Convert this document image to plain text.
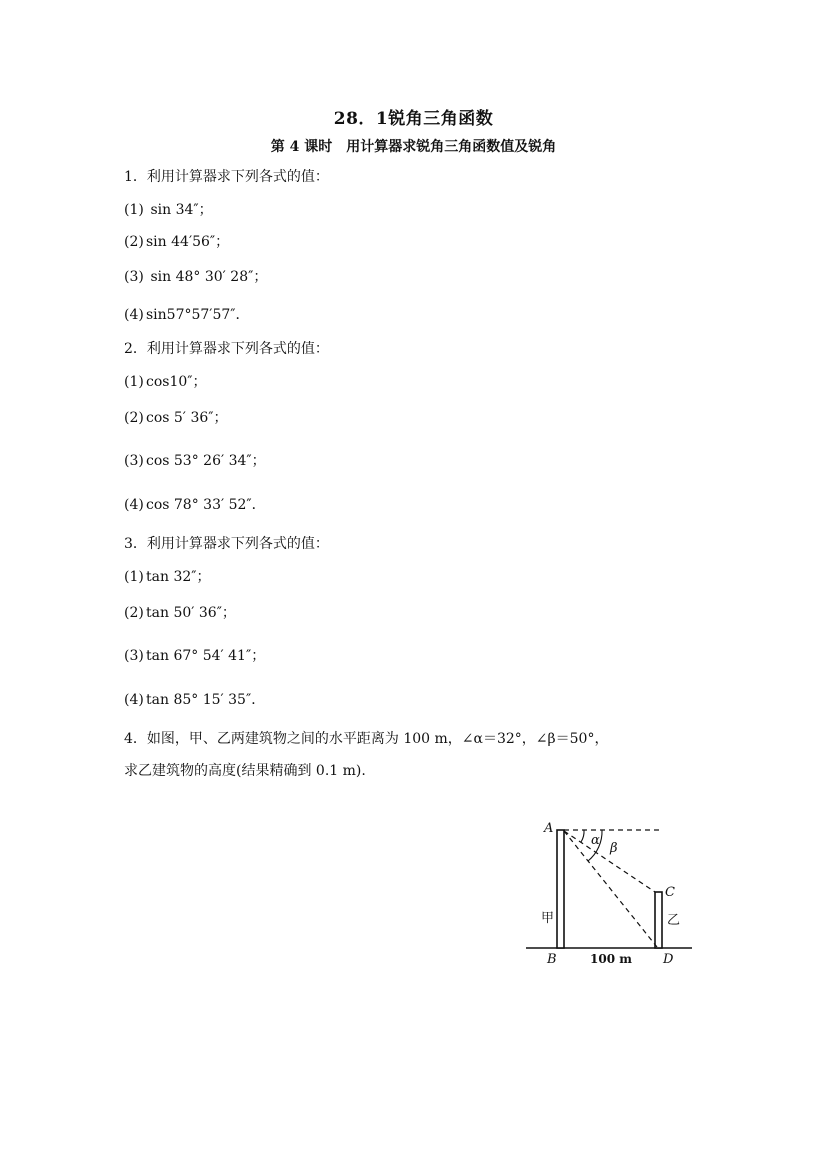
28．1锐角三角函数
第 4 课时　用计算器求锐角三角函数值及锐角
1．利用计算器求下列各式的值：
(1) sin 34″；
(2) sin 44′56″；
(3) sin 48° 30′ 28″；
(4) sin57°57′57″．
2．利用计算器求下列各式的值：
(1) cos10″；
(2) cos 5′ 36″；
(3) cos 53° 26′ 34″；
(4) cos 78° 33′ 52″．
3．利用计算器求下列各式的值：
(1) tan 32″；
(2) tan 50′ 36″；
(3) tan 67° 54′ 41″；
(4) tan 85° 15′ 35″．
4．如图，甲、乙两建筑物之间的水平距离为 100 m，∠α＝32°，∠β＝50°，
求乙建筑物的高度(结果精确到 0.1 m).
A
B
C
D
α
β
甲	乙
100 m
